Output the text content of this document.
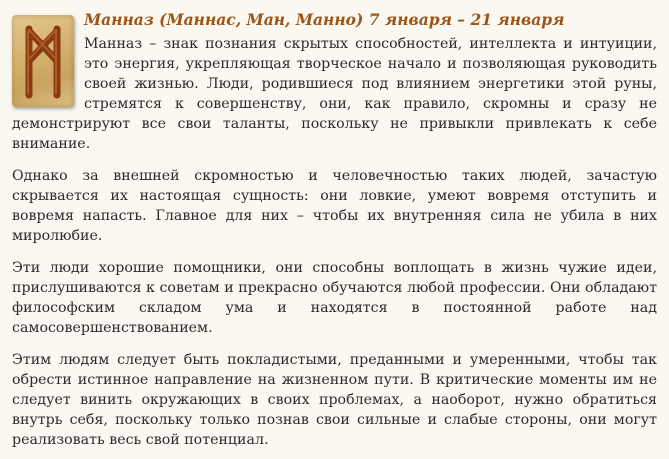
Манназ (Маннас, Ман, Манно) 7 января – 21 января

Манназ – знак познания скрытых способностей, интеллекта и интуиции, это энергия, укрепляющая творческое начало и позволяющая руководить своей жизнью. Люди, родившиеся под влиянием энергетики этой руны, стремятся к совершенству, они, как правило, скромны и сразу не демонстрируют все свои таланты, поскольку не привыкли привлекать к себе внимание.

Однако за внешней скромностью и человечностью таких людей, зачастую скрывается их настоящая сущность: они ловкие, умеют вовремя отступить и вовремя напасть. Главное для них – чтобы их внутренняя сила не убила в них миролюбие.

Эти люди хорошие помощники, они способны воплощать в жизнь чужие идеи, прислушиваются к советам и прекрасно обучаются любой профессии. Они обладают философским складом ума и находятся в постоянной работе над самосовершенствованием.

Этим людям следует быть покладистыми, преданными и умеренными, чтобы так обрести истинное направление на жизненном пути. В критические моменты им не следует винить окружающих в своих проблемах, а наоборот, нужно обратиться внутрь себя, поскольку только познав свои сильные и слабые стороны, они могут реализовать весь свой потенциал.
